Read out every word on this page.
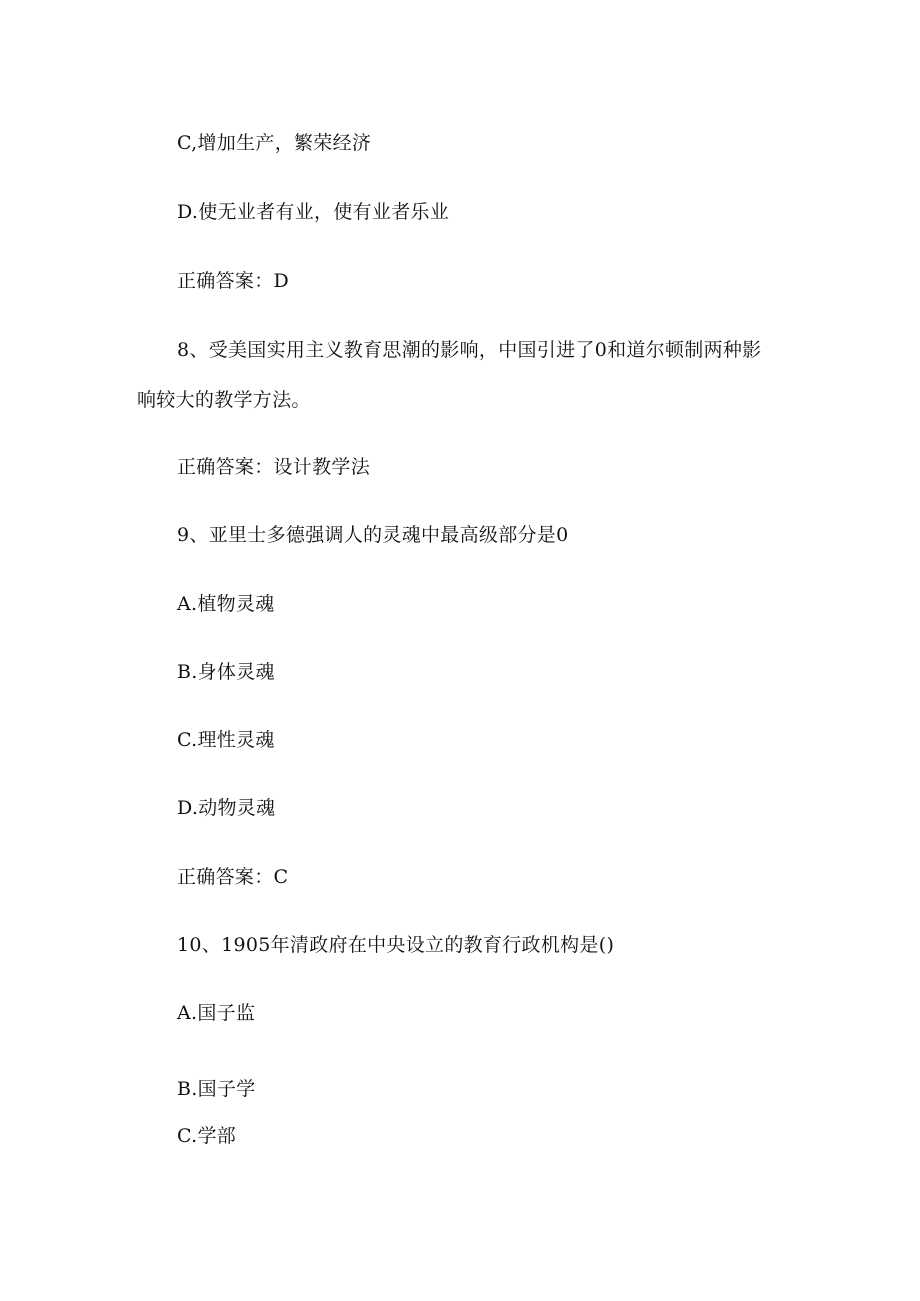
C,增加生产，繁荣经济
D.使无业者有业，使有业者乐业
正确答案：D
8、受美国实用主义教育思潮的影响，中国引进了0和道尔顿制两种影
响较大的教学方法。
正确答案：设计教学法
9、亚里士多德强调人的灵魂中最高级部分是0
A.植物灵魂
B.身体灵魂
C.理性灵魂
D.动物灵魂
正确答案：C
10、1905年清政府在中央设立的教育行政机构是()
A.国子监
B.国子学
C.学部
